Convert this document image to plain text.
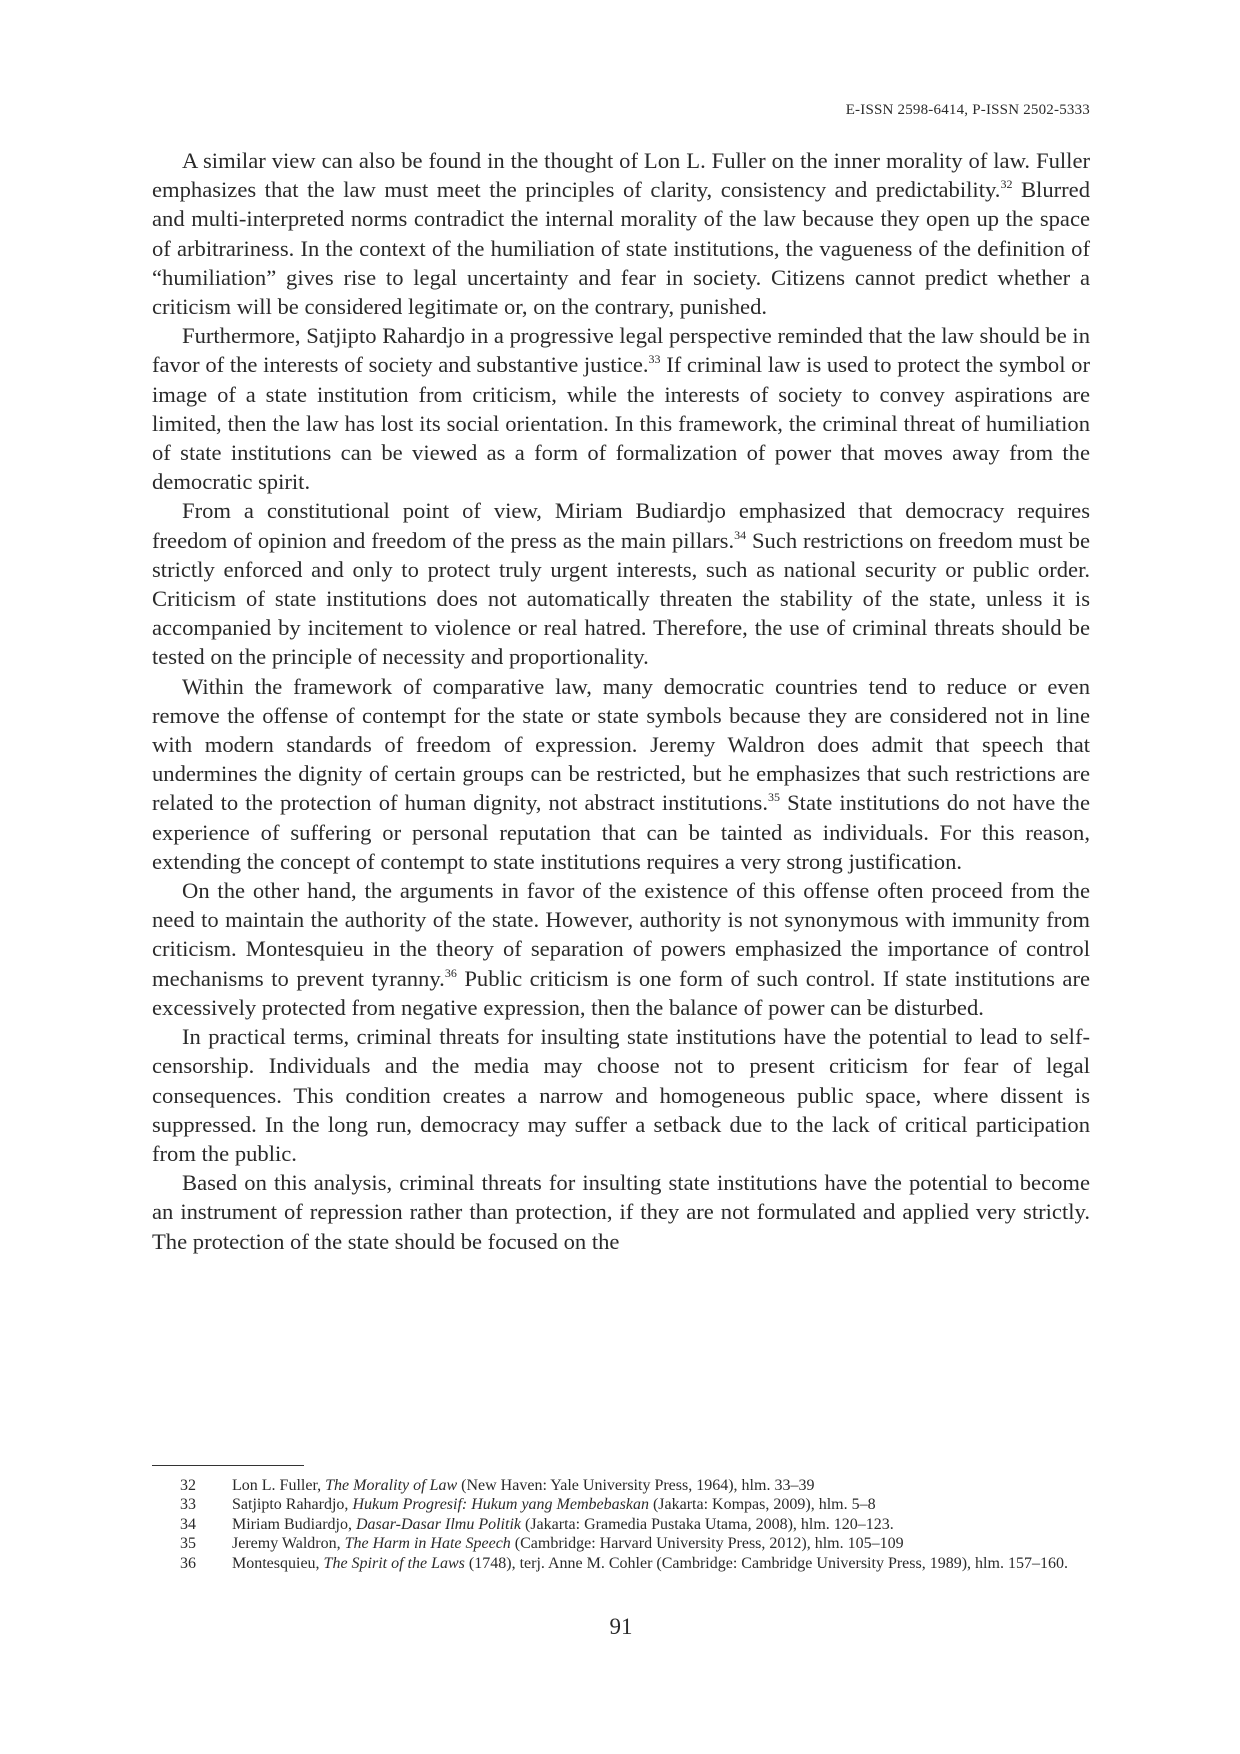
E-ISSN 2598-6414, P-ISSN 2502-5333

A similar view can also be found in the thought of Lon L. Fuller on the inner morality of law. Fuller emphasizes that the law must meet the principles of clarity, consistency and predictability.$^{32}$ Blurred and multi-interpreted norms contradict the internal morality of the law because they open up the space of arbitrariness. In the context of the humiliation of state institutions, the vagueness of the definition of “humiliation” gives rise to legal uncertainty and fear in society. Citizens cannot predict whether a criticism will be considered legitimate or, on the contrary, punished.

Furthermore, Satjipto Rahardjo in a progressive legal perspective reminded that the law should be in favor of the interests of society and substantive justice.$^{33}$ If criminal law is used to protect the symbol or image of a state institution from criticism, while the interests of society to convey aspirations are limited, then the law has lost its social orientation. In this framework, the criminal threat of humiliation of state institutions can be viewed as a form of formalization of power that moves away from the democratic spirit.

From a constitutional point of view, Miriam Budiardjo emphasized that democracy requires freedom of opinion and freedom of the press as the main pillars.$^{34}$ Such restrictions on freedom must be strictly enforced and only to protect truly urgent interests, such as national security or public order. Criticism of state institutions does not automatically threaten the stability of the state, unless it is accompanied by incitement to violence or real hatred. Therefore, the use of criminal threats should be tested on the principle of necessity and proportionality.

Within the framework of comparative law, many democratic countries tend to reduce or even remove the offense of contempt for the state or state symbols because they are considered not in line with modern standards of freedom of expression. Jeremy Waldron does admit that speech that undermines the dignity of certain groups can be restricted, but he emphasizes that such restrictions are related to the protection of human dignity, not abstract institutions.$^{35}$ State institutions do not have the experience of suffering or personal reputation that can be tainted as individuals. For this reason, extending the concept of contempt to state institutions requires a very strong justification.

On the other hand, the arguments in favor of the existence of this offense often proceed from the need to maintain the authority of the state. However, authority is not synonymous with immunity from criticism. Montesquieu in the theory of separation of powers emphasized the importance of control mechanisms to prevent tyranny.$^{36}$ Public criticism is one form of such control. If state institutions are excessively protected from negative expression, then the balance of power can be disturbed.

In practical terms, criminal threats for insulting state institutions have the potential to lead to self-censorship. Individuals and the media may choose not to present criticism for fear of legal consequences. This condition creates a narrow and homogeneous public space, where dissent is suppressed. In the long run, democracy may suffer a setback due to the lack of critical participation from the public.

Based on this analysis, criminal threats for insulting state institutions have the potential to become an instrument of repression rather than protection, if they are not formulated and applied very strictly. The protection of the state should be focused on the

32 Lon L. Fuller, The Morality of Law (New Haven: Yale University Press, 1964), hlm. 33–39

33 Satjipto Rahardjo, Hukum Progresif: Hukum yang Membebaskan (Jakarta: Kompas, 2009), hlm. 5–8

34 Miriam Budiardjo, Dasar-Dasar Ilmu Politik (Jakarta: Gramedia Pustaka Utama, 2008), hlm. 120–123.

35 Jeremy Waldron, The Harm in Hate Speech (Cambridge: Harvard University Press, 2012), hlm. 105–109

36 Montesquieu, The Spirit of the Laws (1748), terj. Anne M. Cohler (Cambridge: Cambridge University Press, 1989), hlm. 157–160.

91
